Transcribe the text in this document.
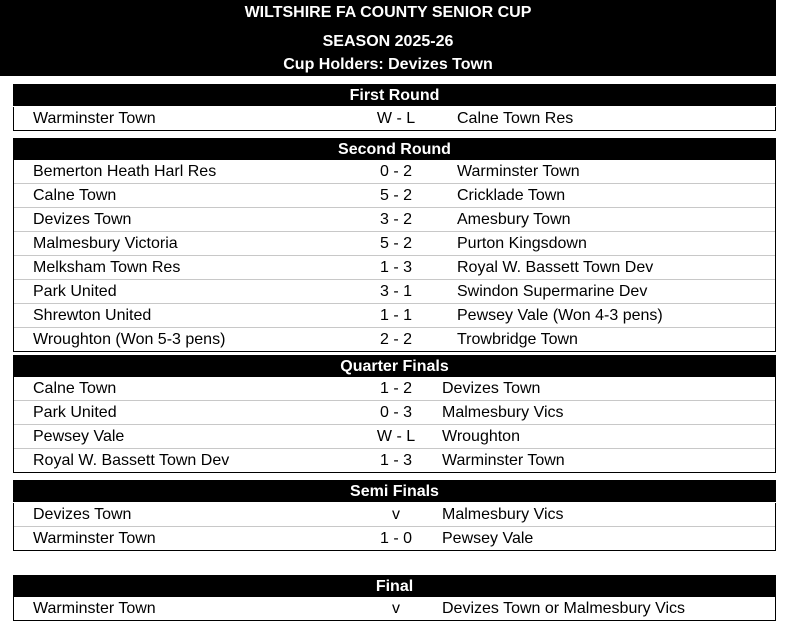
WILTSHIRE FA COUNTY SENIOR CUP
SEASON 2025-26
Cup Holders: Devizes Town
First Round
Warminster Town	W - L	Calne Town Res
Second Round
Bemerton Heath Harl Res	0 - 2	Warminster Town
Calne Town	5 - 2	Cricklade Town
Devizes Town	3 - 2	Amesbury Town
Malmesbury Victoria	5 - 2	Purton Kingsdown
Melksham Town Res	1 - 3	Royal W. Bassett Town Dev
Park United	3 - 1	Swindon Supermarine Dev
Shrewton United	1 - 1	Pewsey Vale (Won 4-3 pens)
Wroughton (Won 5-3 pens)	2 - 2	Trowbridge Town
Quarter Finals
Calne Town	1 - 2	Devizes Town
Park United	0 - 3	Malmesbury Vics
Pewsey Vale	W - L	Wroughton
Royal W. Bassett Town Dev	1 - 3	Warminster Town
Semi Finals
Devizes Town	v	Malmesbury Vics
Warminster Town	1 - 0	Pewsey Vale
Final
Warminster Town	v	Devizes Town or Malmesbury Vics
